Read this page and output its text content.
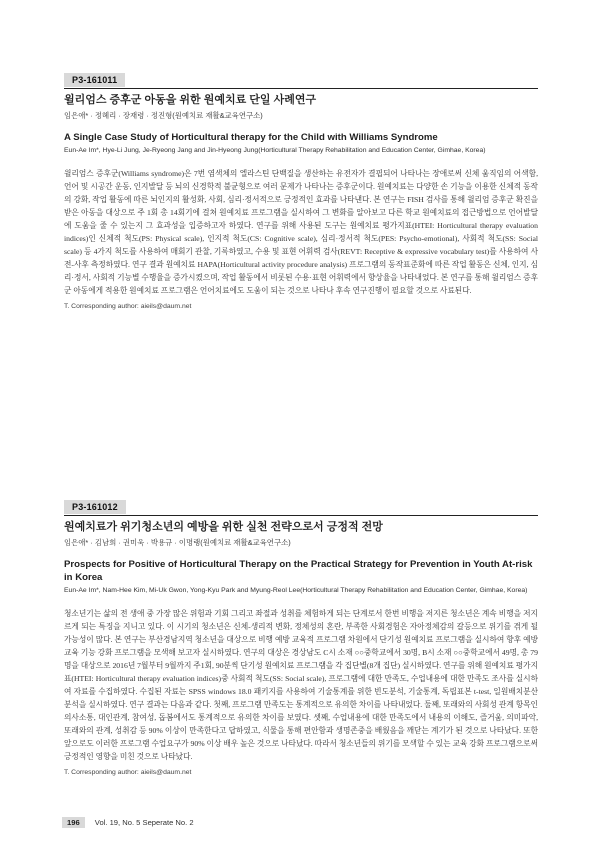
P3-161011
윌리엄스 증후군 아동을 위한 원예치료 단일 사례연구
임은애* · 정혜리 · 장재령 · 정진형(원예치료 재활&교육연구소)
A Single Case Study of Horticultural therapy for the Child with Williams Syndrome
Eun-Ae Im*, Hye-Li Jung, Je-Ryeong Jang and Jin-Hyeong Jung(Horticultural Therapy Rehabilitation and Education Center, Gimhae, Korea)
윌리엄스 증후군(Williams syndrome)은 7번 염색체의 엘라스틴 단백질을 생산하는 유전자가 결핍되어 나타나는 장애로써 신체 움직임의 어색함, 언어 및 시공간 운동, 인지발달 등 뇌의 신경학적 불균형으로 여러 문제가 나타나는 증후군이다. 원예치료는 다양한 손 기능을 이용한 신체적 동작의 강화, 작업 활동에 따른 뇌인지의 활성화, 사회, 심리·정서적으로 긍정적인 효과를 나타낸다. 본 연구는 FISH 검사를 통해 윌리엄 증후군 확진을 받은 아동을 대상으로 주 1회 총 14회기에 걸쳐 원예치료 프로그램을 실시하여 그 변화를 알아보고 다른 학교 원예치료의 접근방법으로 언어발달에 도움을 줄 수 있는지 그 효과성을 입증하고자 하였다. 연구를 위해 사용된 도구는 원예치료 평가지표(HTEI: Horticultural therapy evaluation indices)인 신체적 척도(PS: Physical scale), 인지적 척도(CS: Cognitive scale), 심리·정서적 척도(PES: Psycho-emotional), 사회적 척도(SS: Social scale) 등 4가지 척도를 사용하여 매회기 관찰, 기록하였고, 수용 및 표현 어휘력 검사(REVT: Receptive & expressive vocabulary test)를 사용하여 사전-사후 측정하였다. 연구 결과 원예치료 HAPA(Horticultural activity procedure analysis) 프로그램의 동작표준화에 따른 작업 활동은 신체, 인지, 심리·정서, 사회적 기능별 수행율을 증가시켰으며, 작업 활동에서 비롯된 수용·표현 어휘력에서 향상율을 나타내었다. 본 연구를 통해 윌리엄스 증후군 아동에게 적용한 원예치료 프로그램은 언어치료에도 도움이 되는 것으로 나타나 후속 연구진행이 필요할 것으로 사료된다.
T. Corresponding author: aieils@daum.net
P3-161012
원예치료가 위기청소년의 예방을 위한 실천 전략으로서 긍정적 전망
임은애* · 김남희 · 권미욱 · 박용규 · 이명랭(원예치료 재활&교육연구소)
Prospects for Positive of Horticultural Therapy on the Practical Strategy for Prevention in Youth At-risk in Korea
Eun-Ae Im*, Nam-Hee Kim, Mi-Uk Gwon, Yong-Kyu Park and Myung-Reol Lee(Horticultural Therapy Rehabilitation and Education Center, Gimhae, Korea)
청소년기는 삶의 전 생애 중 가장 많은 위험과 기회 그리고 좌절과 성취를 체험하게 되는 단계로서 한번 비행을 저지른 청소년은 계속 비행을 저지르게 되는 특징을 지니고 있다. 이 시기의 청소년은 신체-생리적 변화, 정체성의 혼란, 부족한 사회경험은 자아정체감의 갈등으로 위기를 겪게 될 가능성이 많다. 본 연구는 부산경남지역 청소년을 대상으로 비행 예방 교육적 프로그램 차원에서 단기성 원예치료 프로그램을 실시하여 향후 예방 교육 기능 강화 프로그램을 모색해 보고자 실시하였다. 연구의 대상은 경상남도 C시 소재 ○○중학교에서 30명, B시 소재 ○○중학교에서 49명, 총 79명을 대상으로 2016년 7월부터 9월까지 주1회, 90분씩 단기성 원예치료 프로그램을 각 집단별(8개 집단) 실시하였다. 연구를 위해 원예치료 평가지표(HTEI: Horticultural therapy evaluation indices)중 사회적 척도(SS: Social scale), 프로그램에 대한 만족도, 수업내용에 대한 만족도 조사를 실시하여 자료를 수집하였다. 수집된 자료는 SPSS windows 18.0 패키지를 사용하여 기술통계를 위한 빈도분석, 기술통계, 독립표본 t-test, 일원배치분산분석을 실시하였다. 연구 결과는 다음과 같다. 첫째, 프로그램 만족도는 통계적으로 유의한 차이를 나타내었다. 둘째, 또래와의 사회성 관계 항목인 의사소통, 대인관계, 참여성, 돕봄에서도 통계적으로 유의한 차이를 보였다. 셋째, 수업내용에 대한 만족도에서 내용의 이해도, 즐거움, 의미파악, 또래와의 관계, 성취감 등 90% 이상이 만족한다고 답하였고, 식물을 통해 편안함과 생명존중을 배웠음을 깨닫는 계기가 된 것으로 나타났다. 또한 앞으로도 이러한 프로그램 수업요구가 90% 이상 배우 높은 것으로 나타났다. 따라서 청소년들의 위기를 모색할 수 있는 교육 강화 프로그램으로써 긍정적인 영향을 미친 것으로 나타났다.
T. Corresponding author: aieils@daum.net
196 Vol. 19, No. 5 Seperate No. 2
